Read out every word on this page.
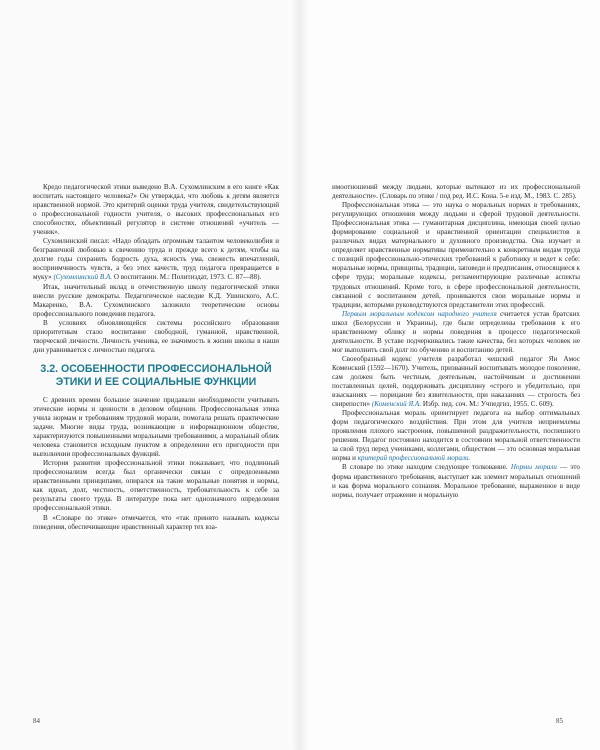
Кредо педагогической этики выведено В.А. Сухомлинским в его книге «Как воспитать настоящего человека?» Он утверждал, что любовь к детям является нравственной нормой. Это критерий оценки труда учителя, свидетельствующий о профессиональной годности учителя, о высоких профессиональных его способностях, объективный регулятор в системе отношений «учитель — ученик».

Сухомлинский писал: «Надо обладать огромным талантом человеколюбия и безграничной любовью к свечению труда и прежде всего к детям, чтобы на долгие годы сохранить бодрость духа, ясность ума, свежесть впечатлений, восприимчивость чувств, а без этих качеств, труд педагога превращается в муку» (Сухомлинский В.А. О воспитании. М.: Политиздат, 1973. С. 87—88).

Итак, значительный вклад в отечественную школу педагогической этики внесли русские демократы. Педагогическое наследие К.Д. Ушинского, А.С. Макаренко, В.А. Сухомлинского заложило теоретические основы профессионального поведения педагога.

В условиях обновляющейся системы российского образования приоритетным стало воспитание свободной, гуманной, нравственной, творческой личности. Личность ученика, ее значимость в жизни школы в наши дни уравнивается с личностью педагога.

3.2. ОСОБЕННОСТИ ПРОФЕССИОНАЛЬНОЙ
ЭТИКИ И ЕЕ СОЦИАЛЬНЫЕ ФУНКЦИИ

С древних времен большое значение придавали необходимости учитывать этические нормы и ценности в деловом общении. Профессиональная этика учила нормам и требованиям трудовой морали, помогала решать практические задачи. Многие виды труда, возникающие в информационном обществе, характеризуются повышенными моральными требованиями, а моральный облик человека становится исходным пунктом в определении его пригодности при выполнении профессиональных функций.

История развития профессиональной этики показывает, что подлинный профессионализм всегда был органически связан с определенными нравственными принципами, опирался на такие моральные понятия и нормы, как идеал, долг, честность, ответственность, требовательность к себе за результаты своего труда. В литературе пока нет однозначного определения профессиональной этики.

В «Словаре по этике» отмечается, что «так принято называть кодексы поведения, обеспечивающие нравственный характер тех вза-

84

имоотношений между людьми, которые вытекают из их профессиональной деятельности». (Словарь по этике / под ред. И.С. Кона. 5-е изд. М., 1983. С. 285).

Профессиональная этика — это наука о моральных нормах в требованиях, регулирующих отношения между людьми и сферой трудовой деятельности. Профессиональная этика — гуманитарная дисциплина, имеющая своей целью формирование социальной и нравственной ориентации специалистов в различных видах материального и духовного производства. Она изучает и определяет нравственные нормативы применительно к конкретным видам труда с позиций профессионально-этических требований к работнику и ведет к себе: моральные нормы, принципы, традиции, заповеди и предписания, относящиеся к сфере труда; моральные кодексы, регламентирующие различные аспекты трудовых отношений. Кроме того, в сфере профессиональной деятельности, связанной с воспитанием детей, проникаются свои моральные нормы и традиции, которыми руководствуются представители этих профессий.

Первым моральным кодексом народного учителя считается устав братских школ (Белоруссии и Украины), где были определены требования к его нравственному облику и нормы поведения в процессе педагогической деятельности. В уставе подчеркивались такие качества, без которых человек не мог выполнить свой долг по обучению и воспитанию детей.

Своеобразный кодекс учителя разработал чешский педагог Ян Амос Коменский (1592—1670). Учитель, призванный воспитывать молодое поколение, сам должен быть честным, деятельным, настойчивым и достижении поставленных целей, поддерживать дисциплину «строго и убедительно, при взысканиях — порицание без язвительности, при наказаниях — строгость без свирепости» (Коменский Я.А. Избр. пед. соч. М.: Учпедгиз, 1955. С. 609).

Профессиональная мораль ориентирует педагога на выбор оптимальных форм педагогического воздействия. При этом для учителя неприемлемы проявления плохого настроения, повышенной раздражительности, поспешного решения. Педагог постоянно находится в состоянии моральной ответственности за свой труд перед учениками, коллегами, обществом — это основная моральная норма и критерий профессиональной морали.

В словаре по этике находим следующее толкование. Нормы морали — это форма нравственного требования, выступает как элемент моральных отношений и как форма морального сознания. Моральное требование, выраженное в виде нормы, получает отражение и моральную

85
